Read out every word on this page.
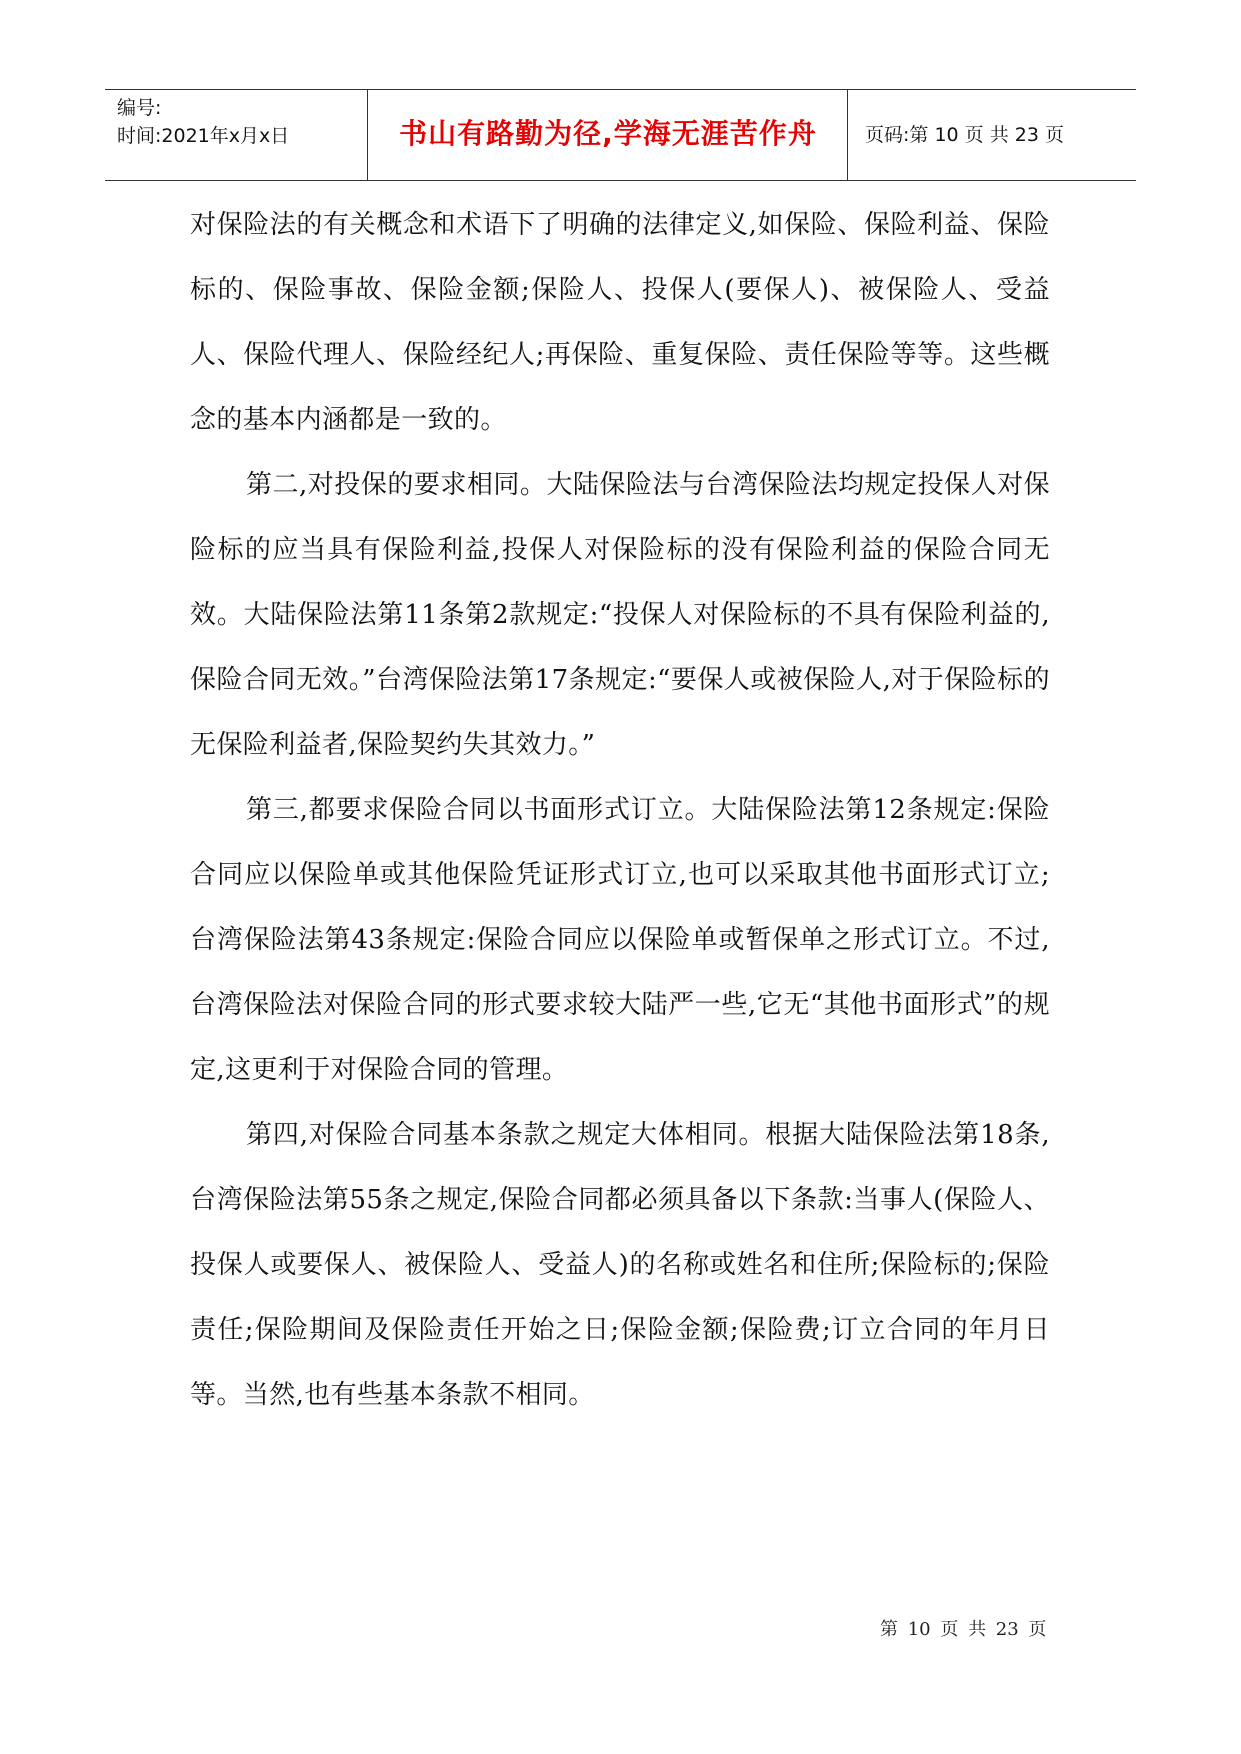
编号:
时间:2021年x月x日	书山有路勤为径,学海无涯苦作舟	页码:第 10 页 共 23 页

对保险法的有关概念和术语下了明确的法律定义,如保险、保险利益、保险标的、保险事故、保险金额;保险人、投保人(要保人)、被保险人、受益人、保险代理人、保险经纪人;再保险、重复保险、责任保险等等。这些概念的基本内涵都是一致的。

第二,对投保的要求相同。大陆保险法与台湾保险法均规定投保人对保险标的应当具有保险利益,投保人对保险标的没有保险利益的保险合同无效。大陆保险法第11条第2款规定:“投保人对保险标的不具有保险利益的,保险合同无效。”台湾保险法第17条规定:“要保人或被保险人,对于保险标的无保险利益者,保险契约失其效力。”

第三,都要求保险合同以书面形式订立。大陆保险法第12条规定:保险合同应以保险单或其他保险凭证形式订立,也可以采取其他书面形式订立;台湾保险法第43条规定:保险合同应以保险单或暂保单之形式订立。不过,台湾保险法对保险合同的形式要求较大陆严一些,它无“其他书面形式”的规定,这更利于对保险合同的管理。

第四,对保险合同基本条款之规定大体相同。根据大陆保险法第18条,台湾保险法第55条之规定,保险合同都必须具备以下条款:当事人(保险人、投保人或要保人、被保险人、受益人)的名称或姓名和住所;保险标的;保险责任;保险期间及保险责任开始之日;保险金额;保险费;订立合同的年月日等。当然,也有些基本条款不相同。

第 10 页 共 23 页
